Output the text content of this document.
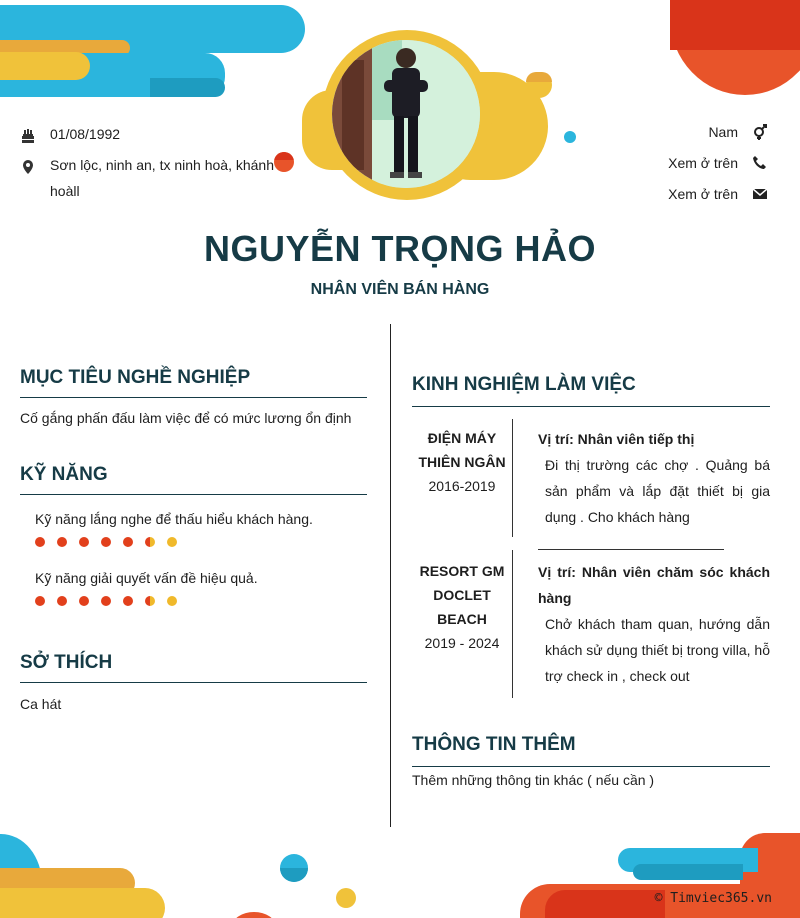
01/08/1992
Sơn lộc, ninh an, tx ninh hoà, khánh hoàll
Nam
Xem ở trên
Xem ở trên
NGUYỄN TRỌNG HẢO
NHÂN VIÊN BÁN HÀNG
MỤC TIÊU NGHỀ NGHIỆP
Cố gắng phấn đấu làm việc để có mức lương ổn định
KỸ NĂNG
Kỹ năng lắng nghe để thấu hiểu khách hàng.
Kỹ năng giải quyết vấn đề hiệu quả.
SỞ THÍCH
Ca hát
KINH NGHIỆM LÀM VIỆC
ĐIỆN MÁY THIÊN NGÂN
2016-2019
Vị trí: Nhân viên tiếp thị
Đi thị trường các chợ . Quảng bá sản phẩm và lắp đặt thiết bị gia dụng . Cho khách hàng
RESORT GM DOCLET BEACH
2019 - 2024
Vị trí: Nhân viên chăm sóc khách hàng
Chở khách tham quan, hướng dẫn khách sử dụng thiết bị trong villa, hỗ trợ check in , check out
THÔNG TIN THÊM
Thêm những thông tin khác ( nếu cần )
© Timviec365.vn
